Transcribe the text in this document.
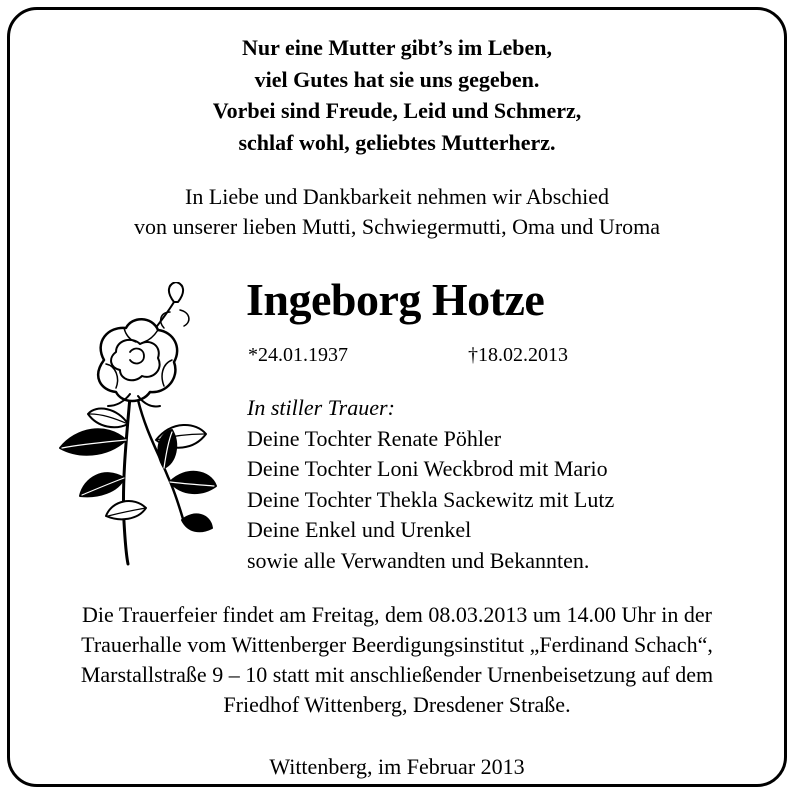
Nur eine Mutter gibt’s im Leben,
viel Gutes hat sie uns gegeben.
Vorbei sind Freude, Leid und Schmerz,
schlaf wohl, geliebtes Mutterherz.
In Liebe und Dankbarkeit nehmen wir Abschied
von unserer lieben Mutti, Schwiegermutti, Oma und Uroma
Ingeborg Hotze
*24.01.1937	†18.02.2013
In stiller Trauer:
Deine Tochter Renate Pöhler
Deine Tochter Loni Weckbrod mit Mario
Deine Tochter Thekla Sackewitz mit Lutz
Deine Enkel und Urenkel
sowie alle Verwandten und Bekannten.
Die Trauerfeier findet am Freitag, dem 08.03.2013 um 14.00 Uhr in der
Trauerhalle vom Wittenberger Beerdigungsinstitut „Ferdinand Schach“,
Marstallstraße 9 – 10 statt mit anschließender Urnenbeisetzung auf dem
Friedhof Wittenberg, Dresdener Straße.
Wittenberg, im Februar 2013
